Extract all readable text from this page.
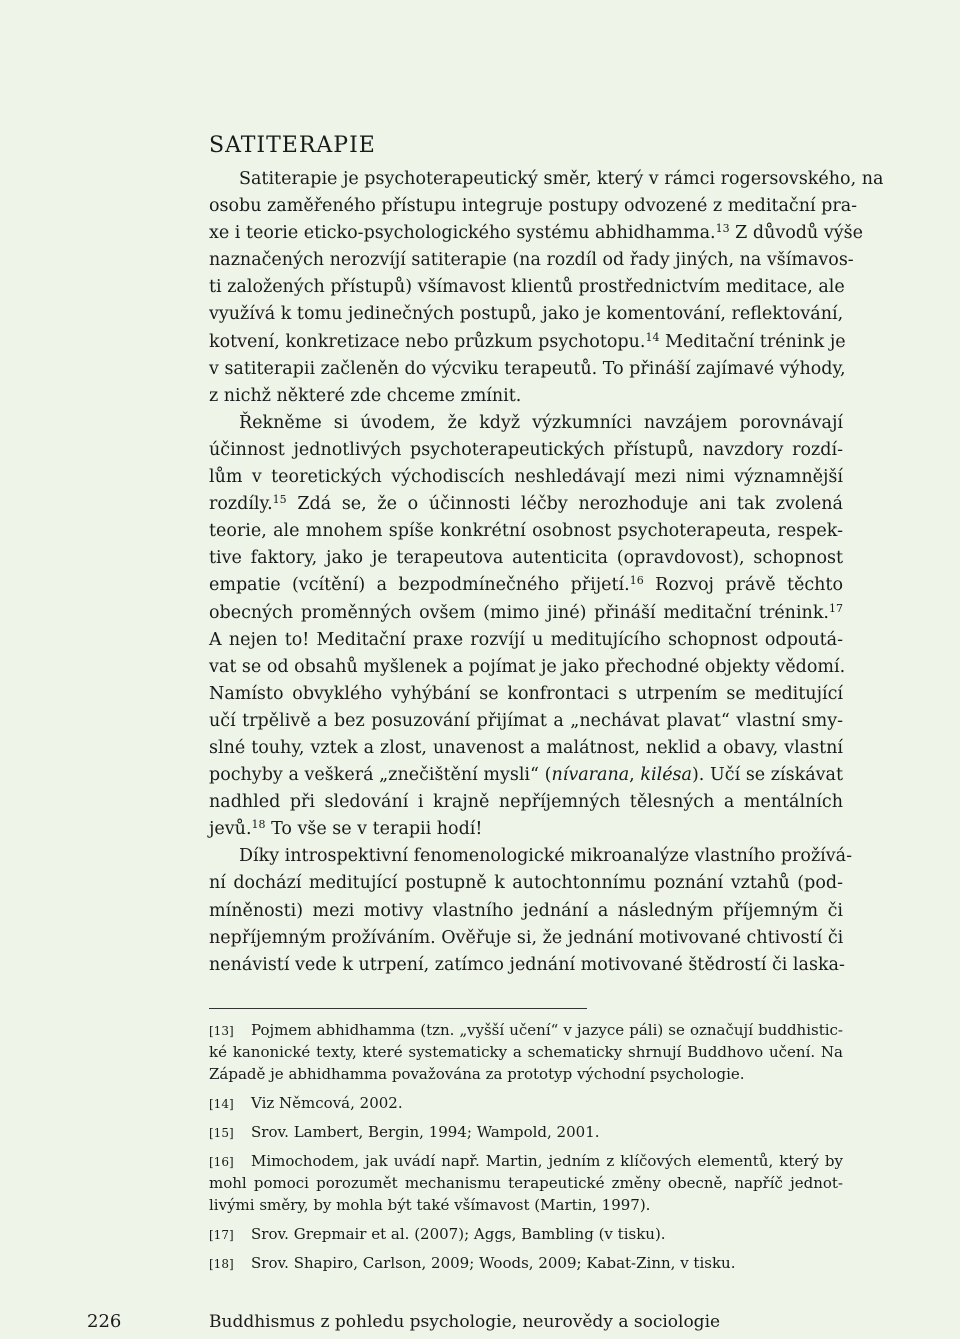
SATITERAPIE
Satiterapie je psychoterapeutický směr, který v rámci rogersovského, na
osobu zaměřeného přístupu integruje postupy odvozené z meditační pra-
xe i teorie eticko-psychologického systému abhidhamma.$^{13}$ Z důvodů výše
naznačených nerozvíjí satiterapie (na rozdíl od řady jiných, na všímavos-
ti založených přístupů) všímavost klientů prostřednictvím meditace, ale
využívá k tomu jedinečných postupů, jako je komentování, reflektování,
kotvení, konkretizace nebo průzkum psychotopu.$^{14}$ Meditační trénink je
v satiterapii začleněn do výcviku terapeutů. To přináší zajímavé výhody,
z nichž některé zde chceme zmínit.
Řekněme si úvodem, že když výzkumníci navzájem porovnávají
účinnost jednotlivých psychoterapeutických přístupů, navzdory rozdí-
lům v teoretických východiscích neshledávají mezi nimi významnější
rozdíly.$^{15}$ Zdá se, že o účinnosti léčby nerozhoduje ani tak zvolená
teorie, ale mnohem spíše konkrétní osobnost psychoterapeuta, respek-
tive faktory, jako je terapeutova autenticita (opravdovost), schopnost
empatie (vcítění) a bezpodmínečného přijetí.$^{16}$ Rozvoj právě těchto
obecných proměnných ovšem (mimo jiné) přináší meditační trénink.$^{17}$
A nejen to! Meditační praxe rozvíjí u meditujícího schopnost odpoutá-
vat se od obsahů myšlenek a pojímat je jako přechodné objekty vědomí.
Namísto obvyklého vyhýbání se konfrontaci s utrpením se meditující
učí trpělivě a bez posuzování přijímat a „nechávat plavat“ vlastní smy-
slné touhy, vztek a zlost, unavenost a malátnost, neklid a obavy, vlastní
pochyby a veškerá „znečištění mysli“ (nívarana, kilésa). Učí se získávat
nadhled při sledování i krajně nepříjemných tělesných a mentálních
jevů.$^{18}$ To vše se v terapii hodí!
Díky introspektivní fenomenologické mikroanalýze vlastního prožívá-
ní dochází meditující postupně k autochtonnímu poznání vztahů (pod-
míněnosti) mezi motivy vlastního jednání a následným příjemným či
nepříjemným prožíváním. Ověřuje si, že jednání motivované chtivostí či
nenávistí vede k utrpení, zatímco jednání motivované štědrostí či laska-
[13] Pojmem abhidhamma (tzn. „vyšší učení“ v jazyce páli) se označují buddhistic-
ké kanonické texty, které systematicky a schematicky shrnují Buddhovo učení. Na
Západě je abhidhamma považována za prototyp východní psychologie.
[14] Viz Němcová, 2002.
[15] Srov. Lambert, Bergin, 1994; Wampold, 2001.
[16] Mimochodem, jak uvádí např. Martin, jedním z klíčových elementů, který by
mohl pomoci porozumět mechanismu terapeutické změny obecně, napříč jednot-
livými směry, by mohla být také všímavost (Martin, 1997).
[17] Srov. Grepmair et al. (2007); Aggs, Bambling (v tisku).
[18] Srov. Shapiro, Carlson, 2009; Woods, 2009; Kabat-Zinn, v tisku.
226	Buddhismus z pohledu psychologie, neurovědy a sociologie
